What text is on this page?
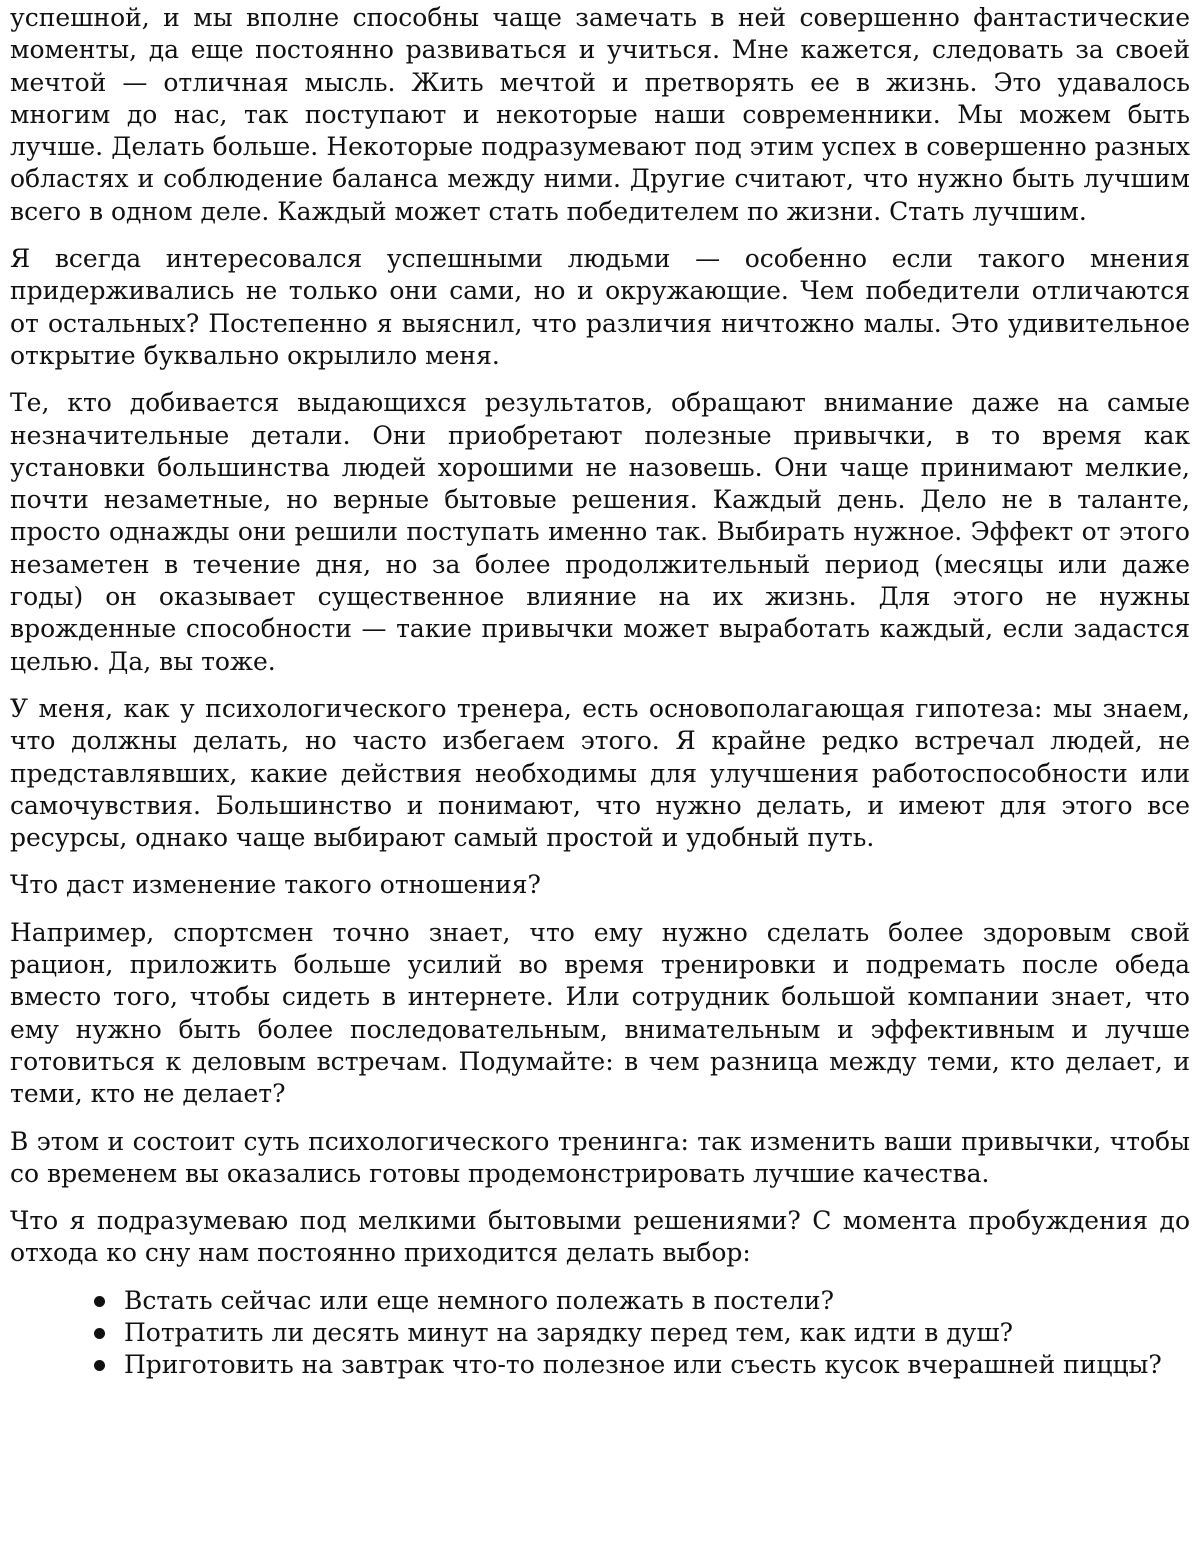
успешной, и мы вполне способны чаще замечать в ней совершенно фантастические моменты, да еще постоянно развиваться и учиться. Мне кажется, следовать за своей мечтой — отличная мысль. Жить мечтой и претворять ее в жизнь. Это удавалось многим до нас, так поступают и некоторые наши современники. Мы можем быть лучше. Делать больше. Некоторые подразумевают под этим успех в совершенно разных областях и соблюдение баланса между ними. Другие считают, что нужно быть лучшим всего в одном деле. Каждый может стать победителем по жизни. Стать лучшим.

Я всегда интересовался успешными людьми — особенно если такого мнения придерживались не только они сами, но и окружающие. Чем победители отличаются от остальных? Постепенно я выяснил, что различия ничтожно малы. Это удивительное открытие буквально окрылило меня.

Те, кто добивается выдающихся результатов, обращают внимание даже на самые незначительные детали. Они приобретают полезные привычки, в то время как установки большинства людей хорошими не назовешь. Они чаще принимают мелкие, почти незаметные, но верные бытовые решения. Каждый день. Дело не в таланте, просто однажды они решили поступать именно так. Выбирать нужное. Эффект от этого незаметен в течение дня, но за более продолжительный период (месяцы или даже годы) он оказывает существенное влияние на их жизнь. Для этого не нужны врожденные способности — такие привычки может выработать каждый, если задастся целью. Да, вы тоже.

У меня, как у психологического тренера, есть основополагающая гипотеза: мы знаем, что должны делать, но часто избегаем этого. Я крайне редко встречал людей, не представлявших, какие действия необходимы для улучшения работоспособности или самочувствия. Большинство и понимают, что нужно делать, и имеют для этого все ресурсы, однако чаще выбирают самый простой и удобный путь.

Что даст изменение такого отношения?

Например, спортсмен точно знает, что ему нужно сделать более здоровым свой рацион, приложить больше усилий во время тренировки и подремать после обеда вместо того, чтобы сидеть в интернете. Или сотрудник большой компании знает, что ему нужно быть более последовательным, внимательным и эффективным и лучше готовиться к деловым встречам. Подумайте: в чем разница между теми, кто делает, и теми, кто не делает?

В этом и состоит суть психологического тренинга: так изменить ваши привычки, чтобы со временем вы оказались готовы продемонстрировать лучшие качества.

Что я подразумеваю под мелкими бытовыми решениями? С момента пробуждения до отхода ко сну нам постоянно приходится делать выбор:

Встать сейчас или еще немного полежать в постели?
Потратить ли десять минут на зарядку перед тем, как идти в душ?
Приготовить на завтрак что-то полезное или съесть кусок вчерашней пиццы?
